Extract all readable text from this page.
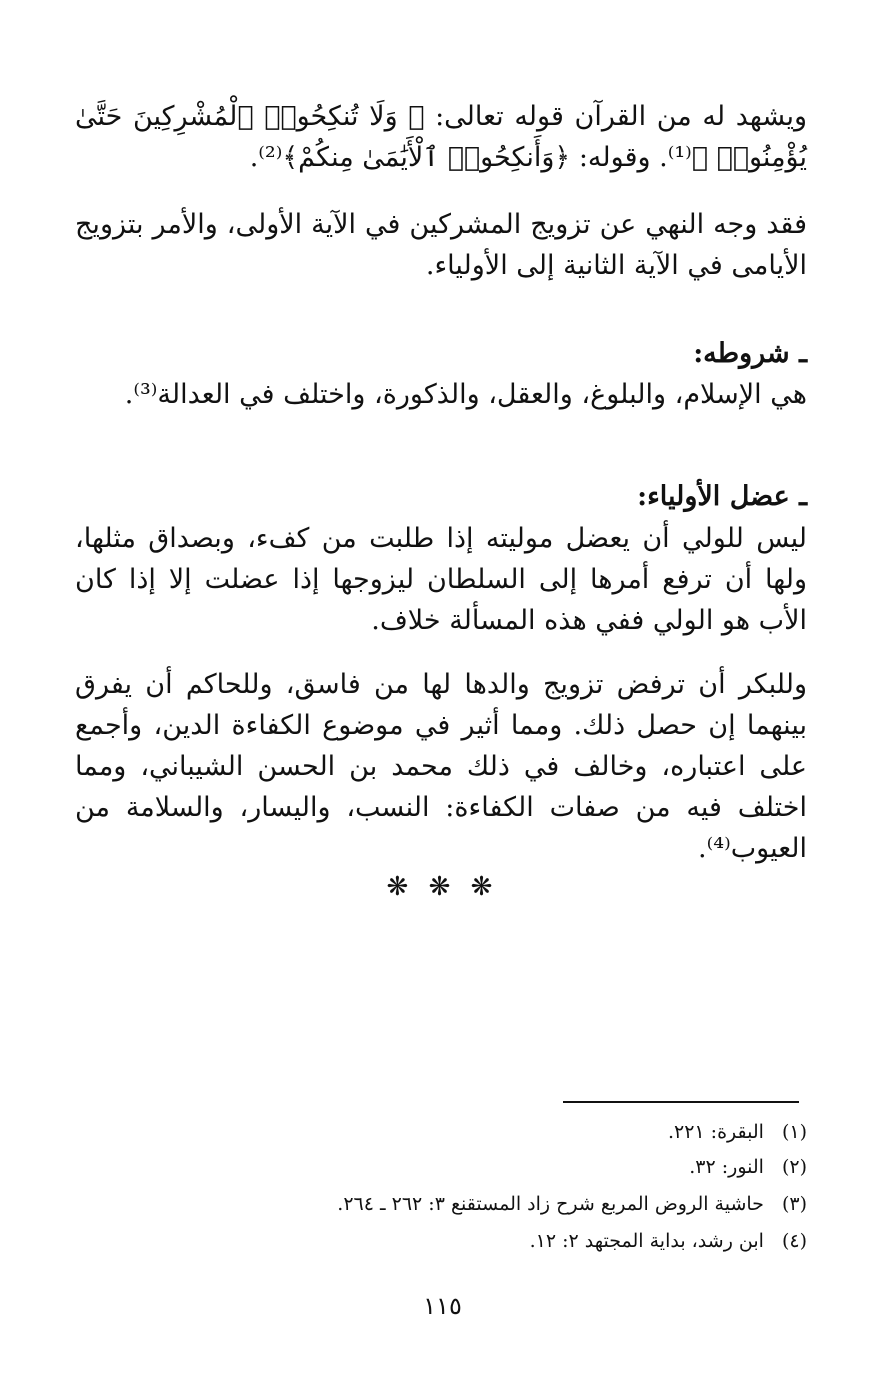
ويشهد له من القرآن قوله تعالى: ﴿ وَلَا تُنكِحُوا۟ ٱلْمُشْرِكِينَ حَتَّىٰ يُؤْمِنُوا۟ ﴾⁽¹⁾. وقوله: ﴿وَأَنكِحُوا۟ ٱلْأَيَٰمَىٰ مِنكُمْ﴾⁽²⁾.

فقد وجه النهي عن تزويج المشركين في الآية الأولى، والأمر بتزويج الأيامى في الآية الثانية إلى الأولياء.

ـ شروطه:

هي الإسلام، والبلوغ، والعقل، والذكورة، واختلف في العدالة⁽³⁾.

ـ عضل الأولياء:

ليس للولي أن يعضل موليته إذا طلبت من كفء، وبصداق مثلها، ولها أن ترفع أمرها إلى السلطان ليزوجها إذا عضلت إلا إذا كان الأب هو الولي ففي هذه المسألة خلاف.

وللبكر أن ترفض تزويج والدها لها من فاسق، وللحاكم أن يفرق بينهما إن حصل ذلك. ومما أثير في موضوع الكفاءة الدين، وأجمع على اعتباره، وخالف في ذلك محمد بن الحسن الشيباني، ومما اختلف فيه من صفات الكفاءة: النسب، واليسار، والسلامة من العيوب⁽⁴⁾.

❋ ❋ ❋

(١)البقرة: ٢٢١.

(٢)النور: ٣٢.

(٣)حاشية الروض المربع شرح زاد المستقنع ٣: ٢٦٢ ـ ٢٦٤.

(٤)ابن رشد، بداية المجتهد ٢: ١٢.

١١٥
